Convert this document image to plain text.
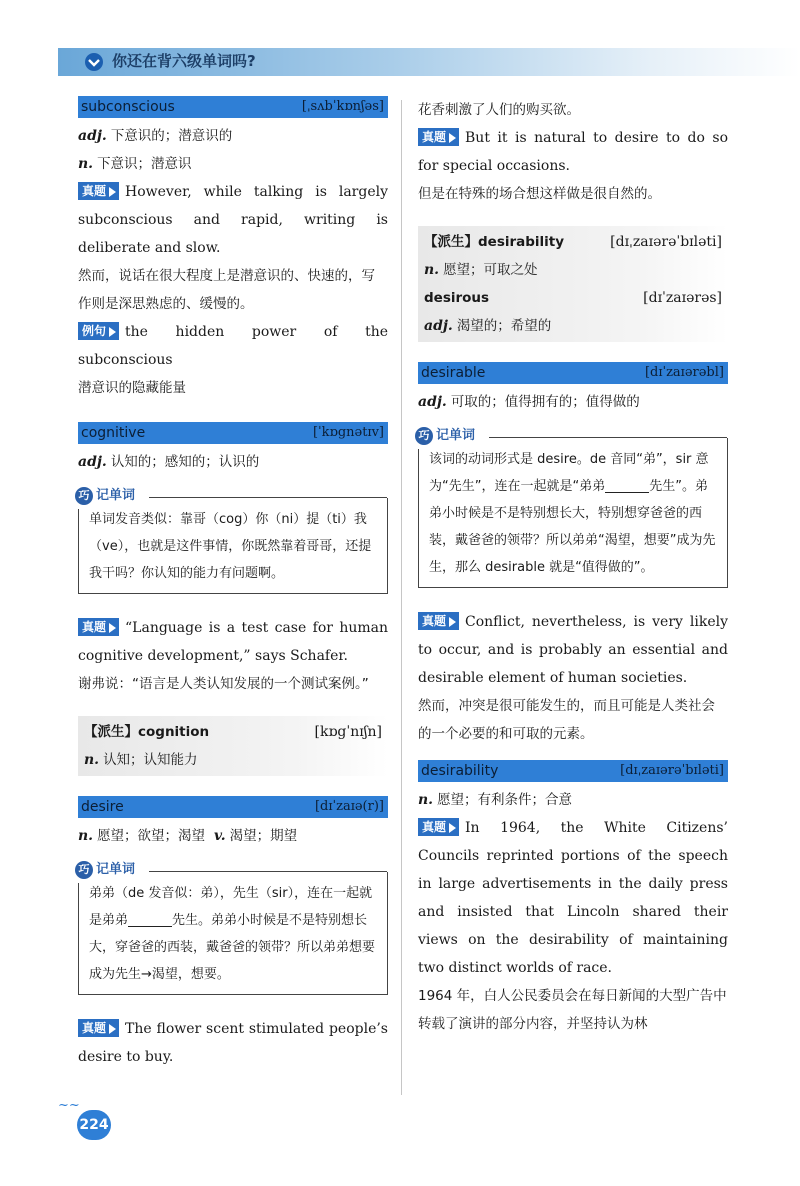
你还在背六级单词吗?
subconscious	[ˌsʌbˈkɒnʃəs]
adj. 下意识的；潜意识的
n. 下意识；潜意识
真题 However, while talking is largely subconscious and rapid, writing is deliberate and slow.
然而，说话在很大程度上是潜意识的、快速的，写作则是深思熟虑的、缓慢的。
例句 the hidden power of the subconscious
潜意识的隐藏能量
cognitive	[ˈkɒgnətɪv]
adj. 认知的；感知的；认识的
巧 记单词
单词发音类似：靠哥（cog）你（ni）提（ti）我（ve），也就是这件事情，你既然靠着哥哥，还提我干吗？你认知的能力有问题啊。
真题 “Language is a test case for human cognitive development,” says Schafer.
谢弗说：“语言是人类认知发展的一个测试案例。”
【派生】cognition	[kɒgˈnɪʃn]
n. 认知；认知能力
desire	[dɪˈzaɪə(r)]
n. 愿望；欲望；渴望 v. 渴望；期望
巧 记单词
弟弟（de 发音似：弟），先生（sir），连在一起就是弟弟	先生。弟弟小时候是不是特别想长大，穿爸爸的西装，戴爸爸的领带？所以弟弟想要成为先生→渴望，想要。
真题 The flower scent stimulated people’s desire to buy.
花香刺激了人们的购买欲。
真题 But it is natural to desire to do so for special occasions.
但是在特殊的场合想这样做是很自然的。
【派生】desirability	[dɪˌzaɪərəˈbɪləti]
n. 愿望；可取之处
desirous	[dɪˈzaɪərəs]
adj. 渴望的；希望的
desirable	[dɪˈzaɪərəbl]
adj. 可取的；值得拥有的；值得做的
巧 记单词
该词的动词形式是 desire。de 音同“弟”，sir 意为“先生”，连在一起就是“弟弟	先生”。弟弟小时候是不是特别想长大，特别想穿爸爸的西装，戴爸爸的领带？所以弟弟“渴望，想要”成为先生，那么 desirable 就是“值得做的”。
真题 Conflict, nevertheless, is very likely to occur, and is probably an essential and desirable element of human societies.
然而，冲突是很可能发生的，而且可能是人类社会的一个必要的和可取的元素。
desirability	[dɪˌzaɪərəˈbɪləti]
n. 愿望；有利条件；合意
真题 In 1964, the White Citizens’ Councils reprinted portions of the speech in large advertisements in the daily press and insisted that Lincoln shared their views on the desirability of maintaining two distinct worlds of race.
1964 年，白人公民委员会在每日新闻的大型广告中转载了演讲的部分内容，并坚持认为林
~~
224
